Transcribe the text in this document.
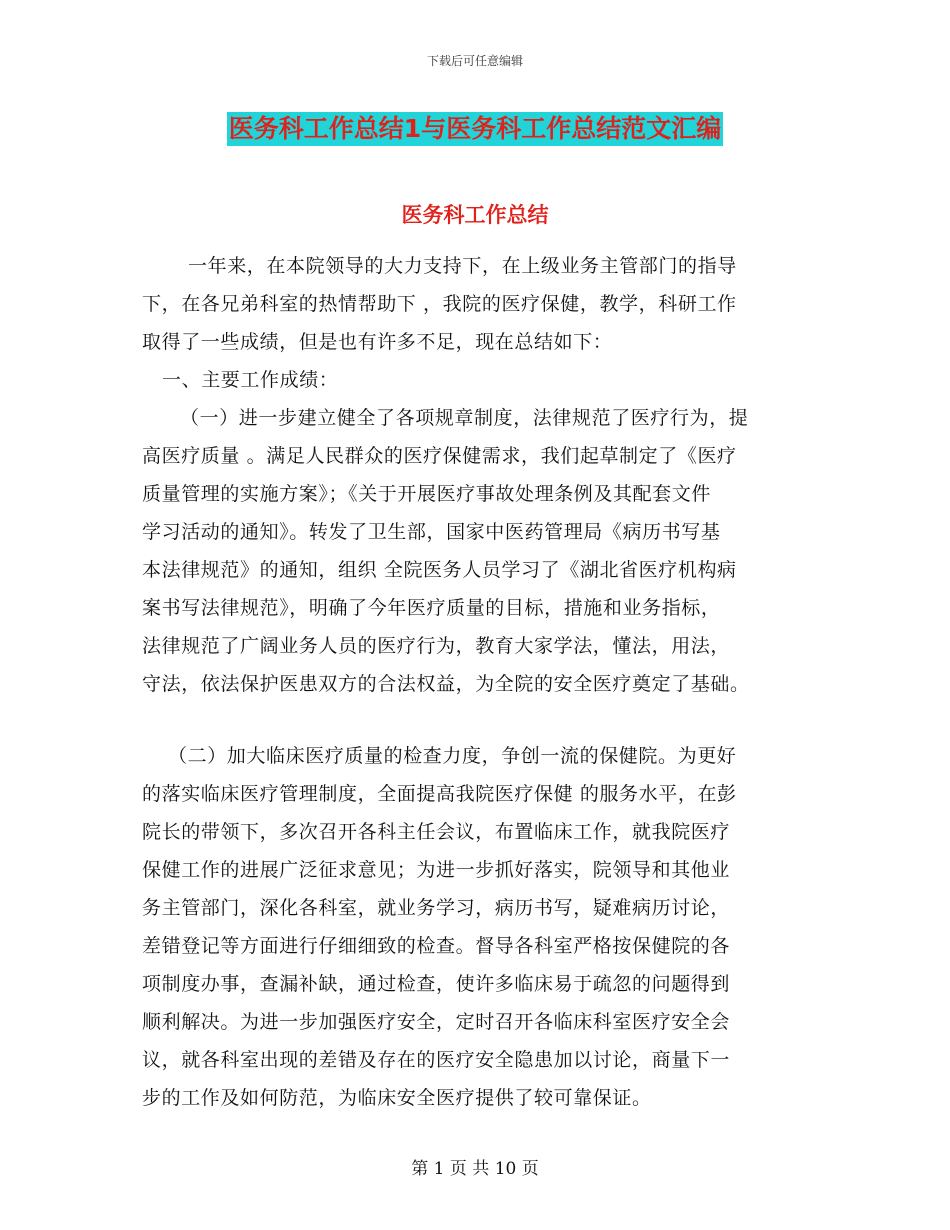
下载后可任意编辑
医务科工作总结1与医务科工作总结范文汇编
医务科工作总结
一年来，在本院领导的大力支持下，在上级业务主管部门的指导
下，在各兄弟科室的热情帮助下 ，我院的医疗保健，教学，科研工作
取得了一些成绩，但是也有许多不足，现在总结如下：
一、主要工作成绩：
（一）进一步建立健全了各项规章制度，法律规范了医疗行为，提
高医疗质量 。满足人民群众的医疗保健需求，我们起草制定了《医疗
质量管理的实施方案》；《关于开展医疗事故处理条例及其配套文件
学习活动的通知》。转发了卫生部，国家中医药管理局《病历书写基
本法律规范》的通知，组织 全院医务人员学习了《湖北省医疗机构病
案书写法律规范》，明确了今年医疗质量的目标，措施和业务指标，
法律规范了广阔业务人员的医疗行为，教育大家学法，懂法，用法，
守法，依法保护医患双方的合法权益，为全院的安全医疗奠定了基础。
（二）加大临床医疗质量的检查力度，争创一流的保健院。为更好
的落实临床医疗管理制度，全面提高我院医疗保健 的服务水平，在彭
院长的带领下，多次召开各科主任会议，布置临床工作，就我院医疗
保健工作的进展广泛征求意见；为进一步抓好落实，院领导和其他业
务主管部门，深化各科室，就业务学习，病历书写，疑难病历讨论，
差错登记等方面进行仔细细致的检查。督导各科室严格按保健院的各
项制度办事，查漏补缺，通过检查，使许多临床易于疏忽的问题得到
顺利解决。为进一步加强医疗安全，定时召开各临床科室医疗安全会
议，就各科室出现的差错及存在的医疗安全隐患加以讨论，商量下一
步的工作及如何防范，为临床安全医疗提供了较可靠保证。
第 1 页 共 10 页
